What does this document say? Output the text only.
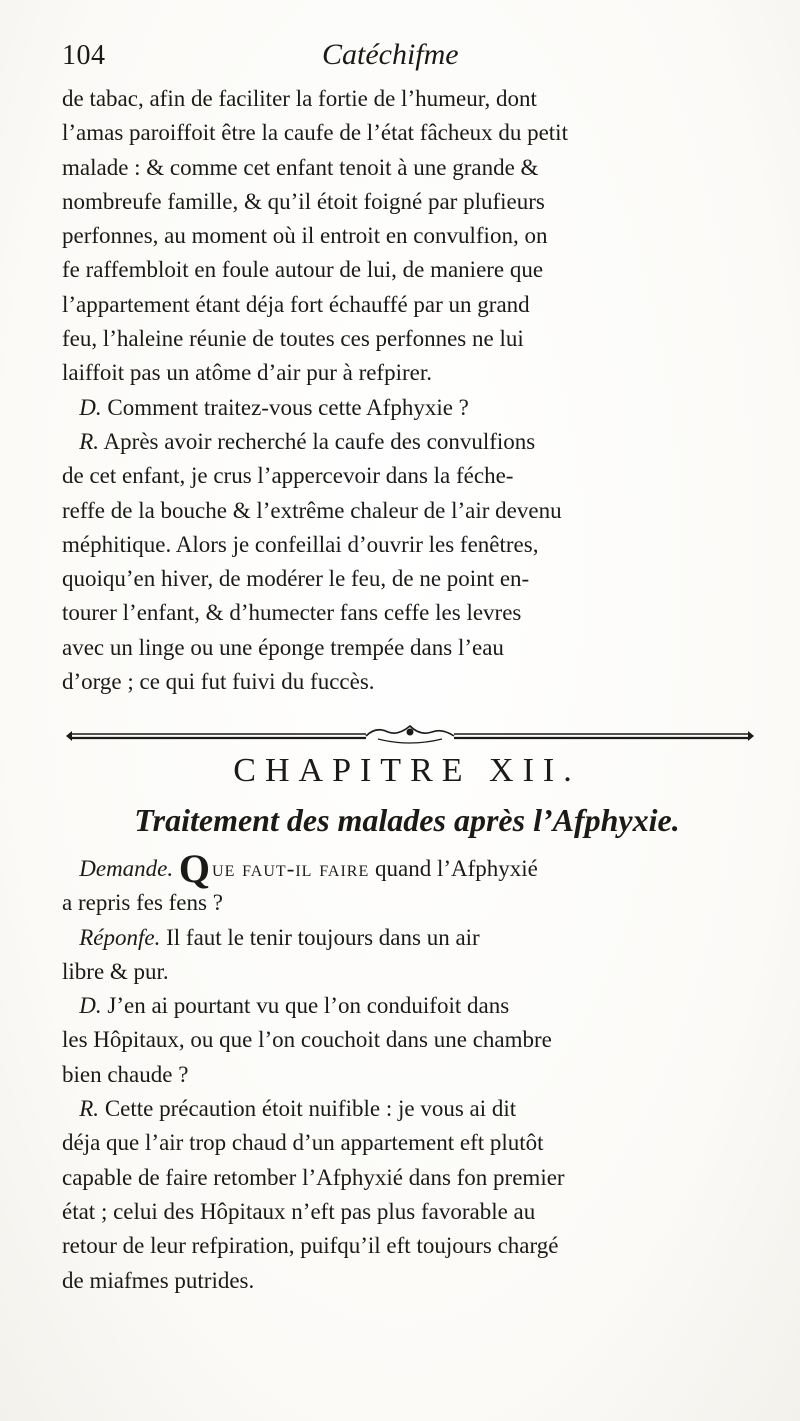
104	Catéchifme

de tabac, afin de faciliter la fortie de l’humeur, dont

l’amas paroiffoit être la caufe de l’état fâcheux du petit

malade : & comme cet enfant tenoit à une grande &

nombreufe famille, & qu’il étoit foigné par plufieurs

perfonnes, au moment où il entroit en convulfion, on

fe raffembloit en foule autour de lui, de maniere que

l’appartement étant déja fort échauffé par un grand

feu, l’haleine réunie de toutes ces perfonnes ne lui

laiffoit pas un atôme d’air pur à refpirer.

D. Comment traitez-vous cette Afphyxie ?

R. Après avoir recherché la caufe des convulfions

de cet enfant, je crus l’appercevoir dans la féche-

reffe de la bouche & l’extrême chaleur de l’air devenu

méphitique. Alors je confeillai d’ouvrir les fenêtres,

quoiqu’en hiver, de modérer le feu, de ne point en-

tourer l’enfant, & d’humecter fans ceffe les levres

avec un linge ou une éponge trempée dans l’eau

d’orge ; ce qui fut fuivi du fuccès.

CHAPITRE XII.
Traitement des malades après l’Afphyxie.

Demande. Que faut-il faire quand l’Afphyxié

a repris fes fens ?

Réponfe. Il faut le tenir toujours dans un air

libre & pur.

D. J’en ai pourtant vu que l’on conduifoit dans

les Hôpitaux, ou que l’on couchoit dans une chambre

bien chaude ?

R. Cette précaution étoit nuifible : je vous ai dit

déja que l’air trop chaud d’un appartement eft plutôt

capable de faire retomber l’Afphyxié dans fon premier

état ; celui des Hôpitaux n’eft pas plus favorable au

retour de leur refpiration, puifqu’il eft toujours chargé

de miafmes putrides.
